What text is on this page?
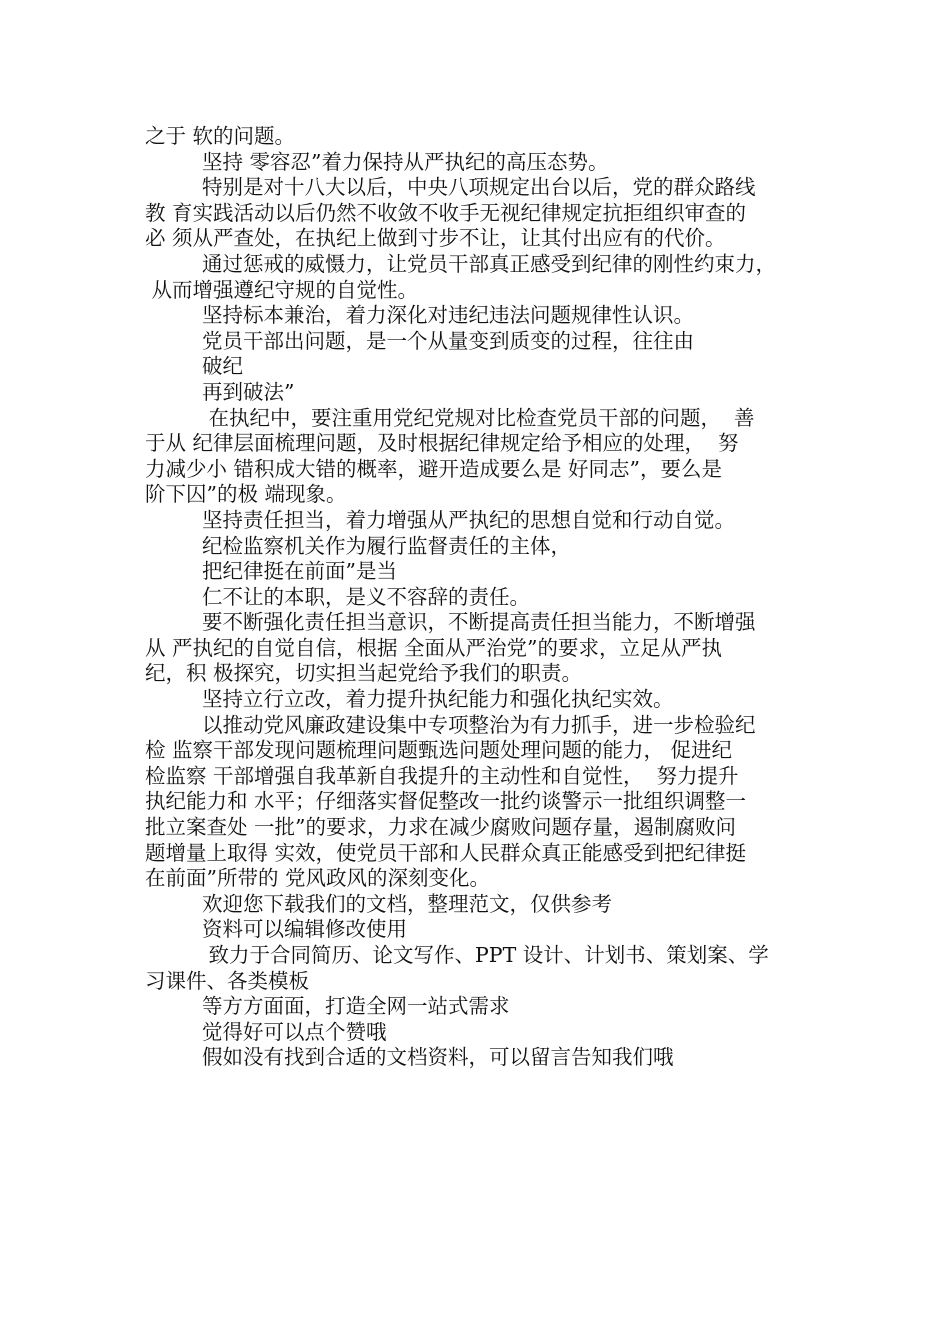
之于 软的问题。
坚持 零容忍”着力保持从严执纪的高压态势。
特别是对十八大以后，中央八项规定出台以后，党的群众路线
教 育实践活动以后仍然不收敛不收手无视纪律规定抗拒组织审查的
必 须从严查处，在执纪上做到寸步不让，让其付出应有的代价。
通过惩戒的威慑力，让党员干部真正感受到纪律的刚性约束力，
从而增强遵纪守规的自觉性。
坚持标本兼治，着力深化对违纪违法问题规律性认识。
党员干部出问题，是一个从量变到质变的过程，往往由
破纪
再到破法”
在执纪中，要注重用党纪党规对比检查党员干部的问题，  善
于从 纪律层面梳理问题，及时根据纪律规定给予相应的处理，  努
力减少小 错积成大错的概率，避开造成要么是 好同志”，要么是
阶下囚”的极 端现象。
坚持责任担当，着力增强从严执纪的思想自觉和行动自觉。
纪检监察机关作为履行监督责任的主体，
把纪律挺在前面”是当
仁不让的本职，是义不容辞的责任。
要不断强化责任担当意识，不断提高责任担当能力，不断增强
从 严执纪的自觉自信，根据 全面从严治党”的要求，立足从严执
纪，积 极探究，切实担当起党给予我们的职责。
坚持立行立改，着力提升执纪能力和强化执纪实效。
以推动党风廉政建设集中专项整治为有力抓手，进一步检验纪
检 监察干部发现问题梳理问题甄选问题处理问题的能力， 促进纪
检监察 干部增强自我革新自我提升的主动性和自觉性，  努力提升
执纪能力和 水平；仔细落实督促整改一批约谈警示一批组织调整一
批立案查处 一批”的要求，力求在减少腐败问题存量，遏制腐败问
题增量上取得 实效，使党员干部和人民群众真正能感受到把纪律挺
在前面”所带的 党风政风的深刻变化。
欢迎您下载我们的文档，整理范文，仅供参考
资料可以编辑修改使用
致力于合同简历、论文写作、PPT 设计、计划书、策划案、学
习课件、各类模板
等方方面面，打造全网一站式需求
觉得好可以点个赞哦
假如没有找到合适的文档资料，可以留言告知我们哦
